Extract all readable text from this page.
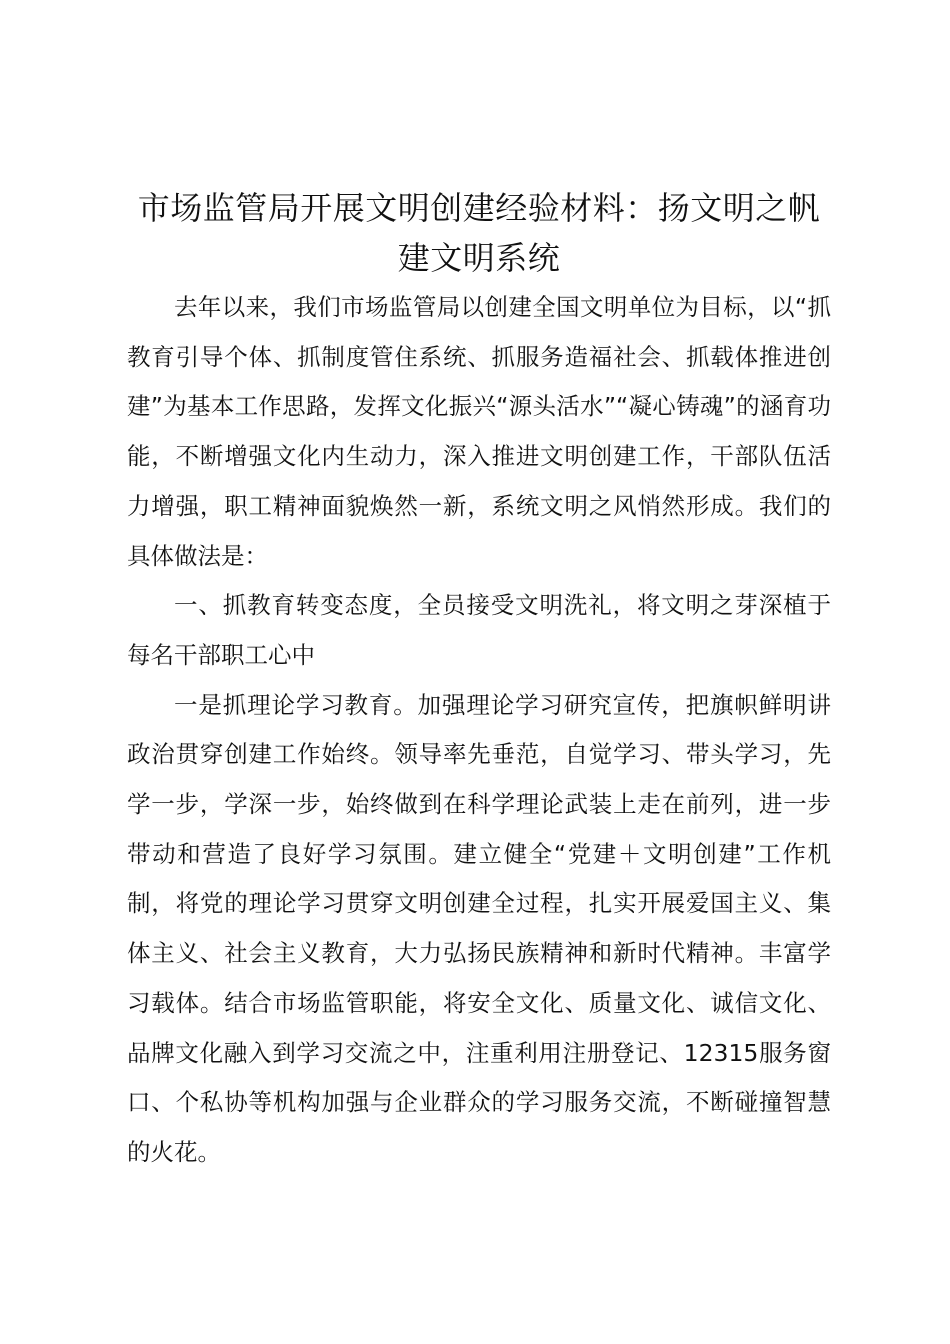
市场监管局开展文明创建经验材料：扬文明之帆建文明系统

去年以来，我们市场监管局以创建全国文明单位为目标，以“抓教育引导个体、抓制度管住系统、抓服务造福社会、抓载体推进创建”为基本工作思路，发挥文化振兴“源头活水”“凝心铸魂”的涵育功能，不断增强文化内生动力，深入推进文明创建工作，干部队伍活力增强，职工精神面貌焕然一新，系统文明之风悄然形成。我们的具体做法是：

一、抓教育转变态度，全员接受文明洗礼，将文明之芽深植于每名干部职工心中

一是抓理论学习教育。加强理论学习研究宣传，把旗帜鲜明讲政治贯穿创建工作始终。领导率先垂范，自觉学习、带头学习，先学一步，学深一步，始终做到在科学理论武装上走在前列，进一步带动和营造了良好学习氛围。建立健全“党建＋文明创建”工作机制，将党的理论学习贯穿文明创建全过程，扎实开展爱国主义、集体主义、社会主义教育，大力弘扬民族精神和新时代精神。丰富学习载体。结合市场监管职能，将安全文化、质量文化、诚信文化、品牌文化融入到学习交流之中，注重利用注册登记、12315服务窗口、个私协等机构加强与企业群众的学习服务交流，不断碰撞智慧的火花。
